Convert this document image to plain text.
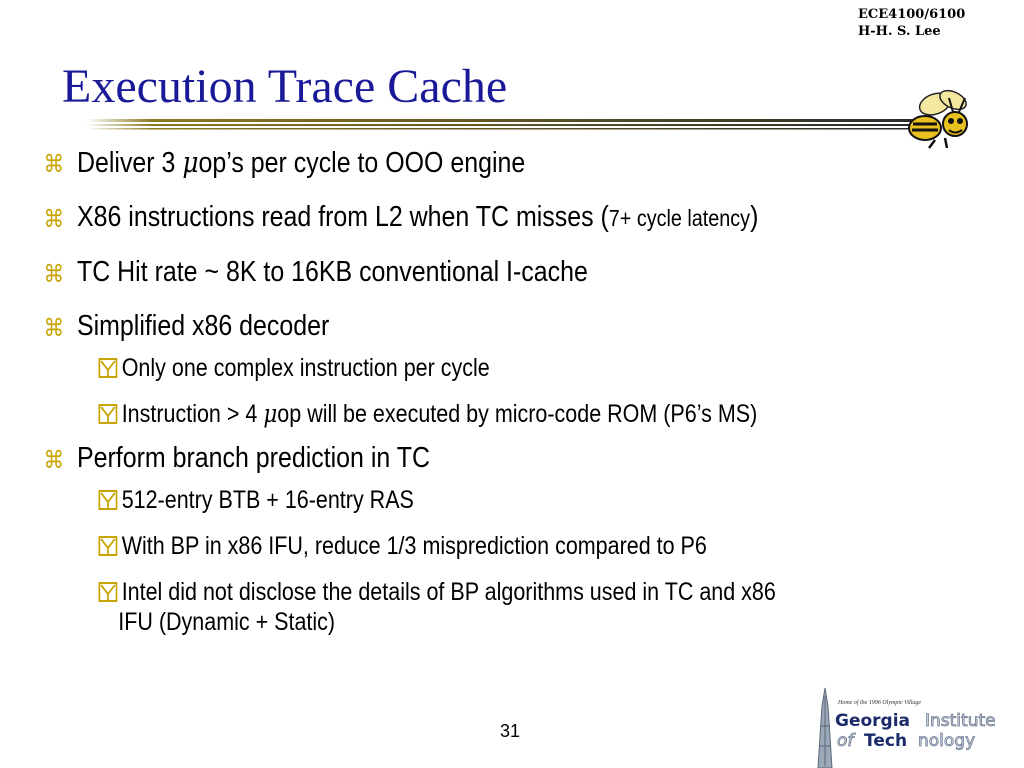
ECE4100/6100
H-H. S. Lee
Execution Trace Cache
⌘ Deliver 3 μop’s per cycle to OOO engine
⌘ X86 instructions read from L2 when TC misses (7+ cycle latency)
⌘ TC Hit rate ~ 8K to 16KB conventional I-cache
⌘ Simplified x86 decoder
Only one complex instruction per cycle
Instruction > 4 μop will be executed by micro-code ROM (P6’s MS)
⌘ Perform branch prediction in TC
512-entry BTB + 16-entry RAS
With BP in x86 IFU, reduce 1/3 misprediction compared to P6
Intel did not disclose the details of BP algorithms used in TC and x86
IFU (Dynamic + Static)
31
Home of the 1996 Olympic Village
Georgia Institute
of Tech nology
